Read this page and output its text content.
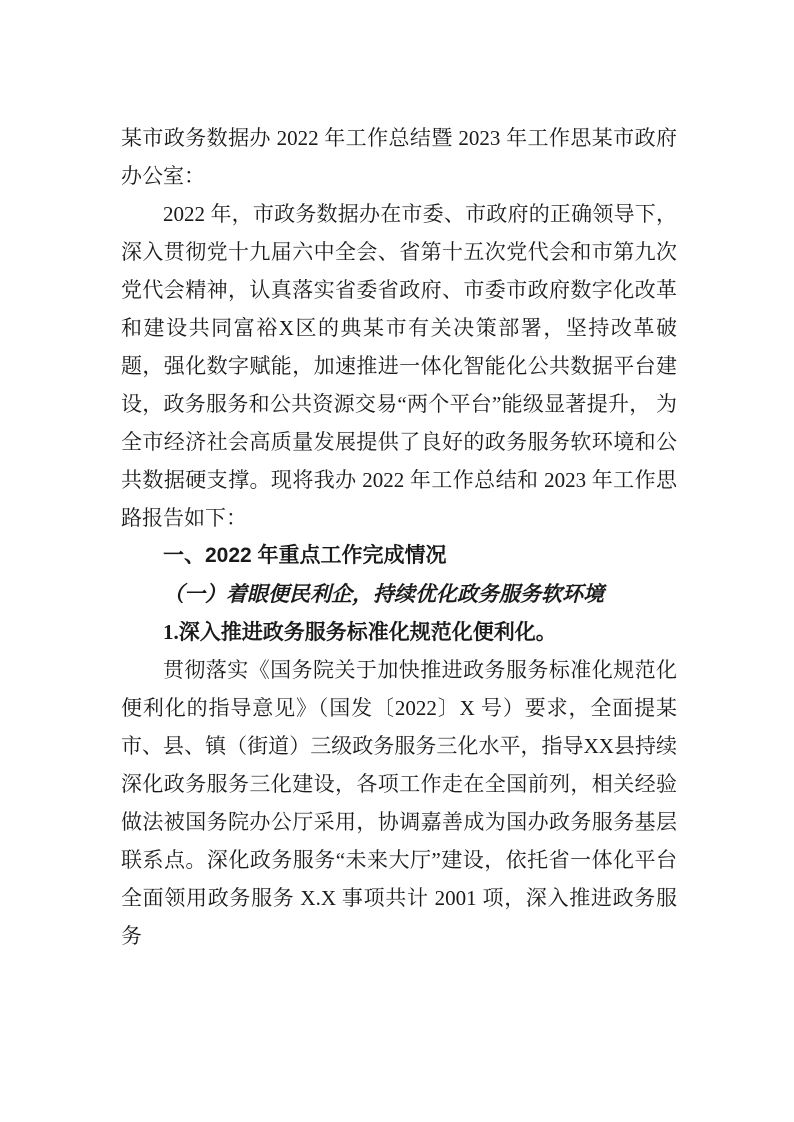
某市政务数据办 2022 年工作总结暨 2023 年工作思某市政府办公室：

2022 年，市政务数据办在市委、市政府的正确领导下，深入贯彻党十九届六中全会、省第十五次党代会和市第九次党代会精神，认真落实省委省政府、市委市政府数字化改革和建设共同富裕X区的典某市有关决策部署，坚持改革破题，强化数字赋能，加速推进一体化智能化公共数据平台建设，政务服务和公共资源交易“两个平台”能级显著提升， 为全市经济社会高质量发展提供了良好的政务服务软环境和公共数据硬支撑。现将我办 2022 年工作总结和 2023 年工作思路报告如下：

一、2022 年重点工作完成情况

（一）着眼便民利企，持续优化政务服务软环境

1.深入推进政务服务标准化规范化便利化。

贯彻落实《国务院关于加快推进政务服务标准化规范化便利化的指导意见》（国发〔2022〕X 号）要求，全面提某市、县、镇（街道）三级政务服务三化水平，指导XX县持续深化政务服务三化建设，各项工作走在全国前列，相关经验做法被国务院办公厅采用，协调嘉善成为国办政务服务基层联系点。深化政务服务“未来大厅”建设，依托省一体化平台全面领用政务服务 X.X 事项共计 2001 项，深入推进政务服务
